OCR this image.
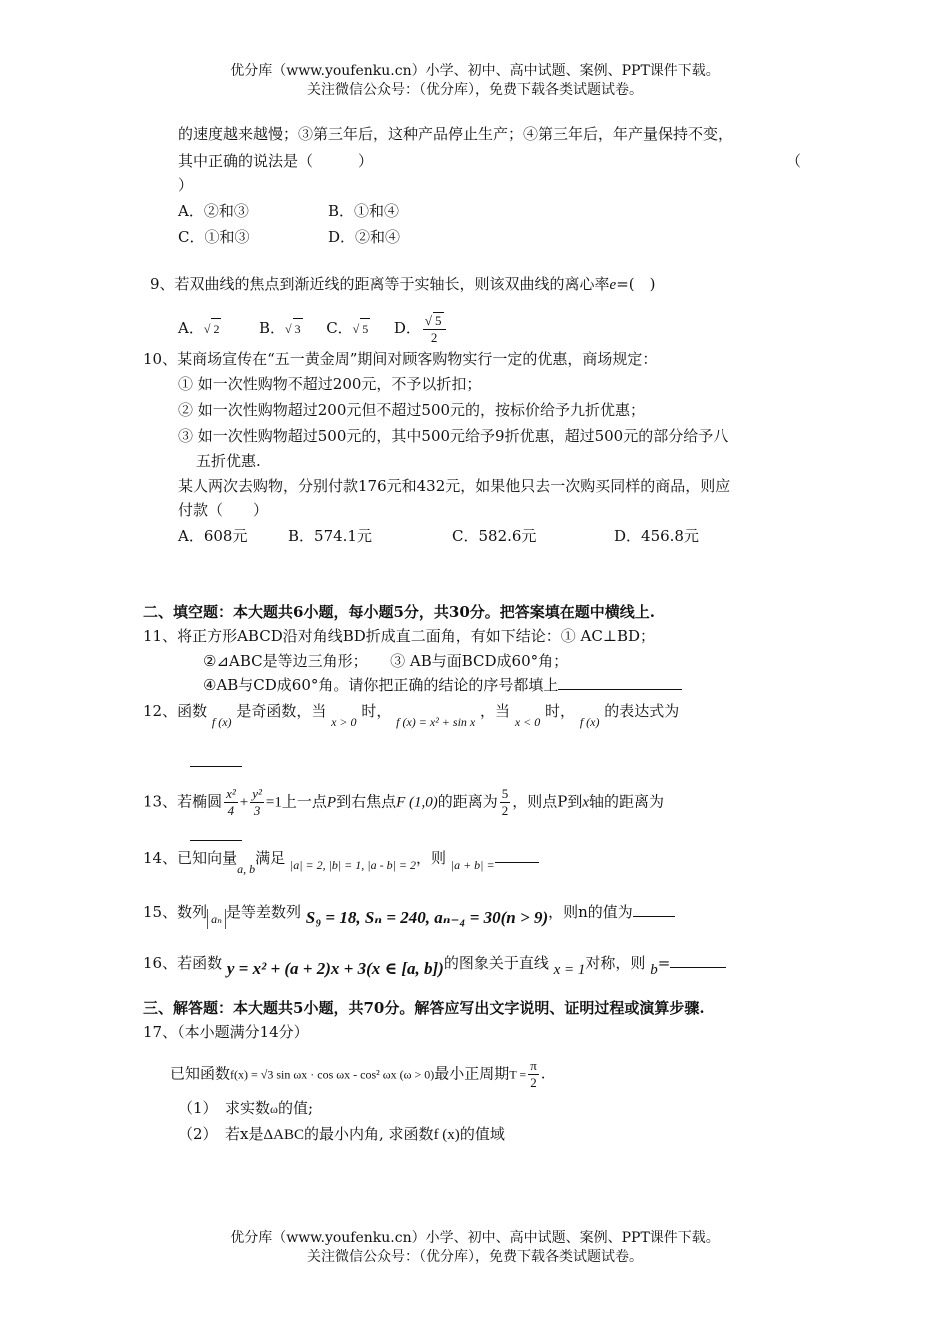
优分库（www.youfenku.cn）小学、初中、高中试题、案例、PPT课件下载。
关注微信公众号：（优分库），免费下载各类试题试卷。
的速度越来越慢；③第三年后，这种产品停止生产；④第三年后，年产量保持不变，
其中正确的说法是（　　　）	（
）
A．②和③	B．①和④
C．①和③	D．②和④
9、若双曲线的焦点到渐近线的距离等于实轴长，则该双曲线的离心率e=(　)
A．√ 2	B．√ 3 C．√ 5 D． $\frac{√ 5}{2}$
10、某商场宣传在“五一黄金周”期间对顾客购物实行一定的优惠，商场规定：
① 如一次性购物不超过200元，不予以折扣；
② 如一次性购物超过200元但不超过500元的，按标价给予九折优惠；
③ 如一次性购物超过500元的，其中500元给予9折优惠，超过500元的部分给予八
五折优惠.
某人两次去购物，分别付款176元和432元，如果他只去一次购买同样的商品，则应
付款（　　）
A．608元	B．574.1元	C．582.6元	D．456.8元
二、填空题：本大题共6小题，每小题5分，共30分。把答案填在题中横线上.
11、将正方形ABCD沿对角线BD折成直二面角，有如下结论：① AC⊥BD；
②⊿ABC是等边三角形；　　③ AB与面BCD成60°角；
④AB与CD成60°角。请你把正确的结论的序号都填上
12、函数 $_{f (x)}$ 是奇函数，当 $_{x > 0}$ 时， $_{f (x) = x^2 + sin x}$ ，当 $_{x < 0}$ 时， $_{f (x)}$ 的表达式为
13、若椭圆 $\frac{\text{x²}}{4} + \frac{\text{y²}}{3} =1$上一点P到右焦点F (1,0)的距离为 $\frac{5}{2}$ ，则点P到x轴的距离为
14、已知向量$_{a, b}$满足 $_{|a| = 2, |b| = 1, |a - b| = 2}$，则 $_{|a + b| =}$
15、数列 aₙ 是等差数列 S₉ = 18, Sₙ = 240, aₙ₋₄ = 30(n > 9)，则n的值为
16、若函数 y = x² + (a + 2)x + 3(x ∈ [a, b])的图象关于直线 x = 1对称，则 b=
三、解答题：本大题共5小题，共70分。解答应写出文字说明、证明过程或演算步骤.
17、（本小题满分14分）
已知函数f(x) = √3 sin ωx · cos ωx - cos² ωx (ω > 0)最小正周期$T = \frac{\pi}{2}$ .
（1）　求实数ω的值;
（2）　若x是ΔABC的最小内角, 求函数f (x)的值域
优分库（www.youfenku.cn）小学、初中、高中试题、案例、PPT课件下载。
关注微信公众号：（优分库），免费下载各类试题试卷。
